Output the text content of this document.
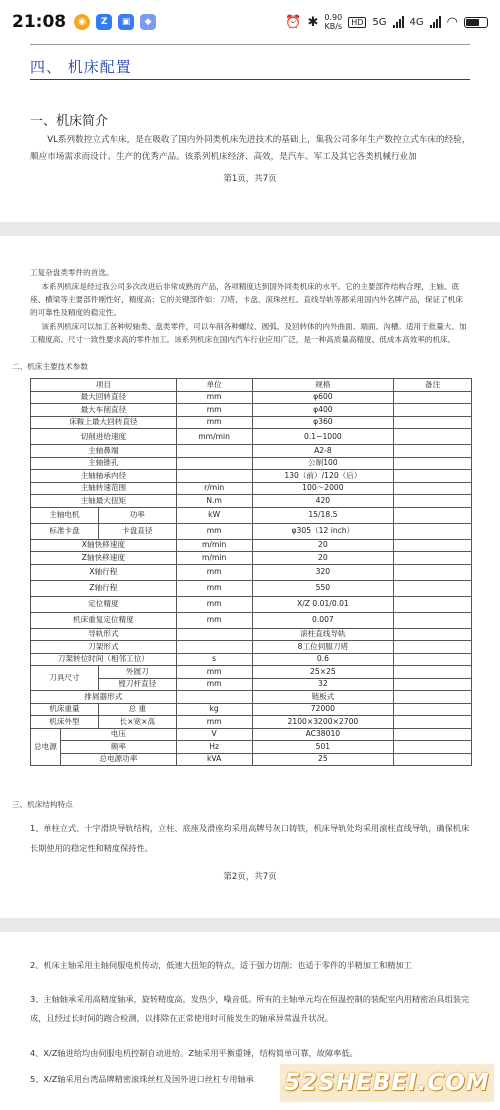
21:08	◉	Z	▣	◆	⏰ ✱ 0.90
KB/s	HD 5G 4G ◠
四、 机床配置
一、机床简介
VL系列数控立式车床，是在吸收了国内外同类机床先进技术的基础上，集我公司多年生产数控立式车床的经验，顺应市场需求而设计、生产的优秀产品。该系列机床经济、高效，是汽车、军工及其它各类机械行业加
第1页，共7页
工复杂盘类零件的首选。
本系列机床是经过我公司多次改进后非常成熟的产品，各项精度达到国外同类机床的水平。它的主要部件结构合理，主轴、底座、横梁等主要部件刚性好，精度高；它的关键部件如：刀塔、卡盘、滚珠丝杠、直线导轨等都采用国内外名牌产品，保证了机床的可靠性及精度的稳定性。
该系列机床可以加工各种短轴类、盘类零件，可以车削各种螺纹、圆弧、及回转体的内外曲面、端面、沟槽。适用于批量大、加工精度高、尺寸一致性要求高的零件加工。该系列机床在国内汽车行业应用广泛，是一种高质量高精度、低成本高效率的机床。
二、机床主要技术参数
项目			单位	规格	备注
最大回转直径			mm	φ600	
最大车削直径			mm	φ400	
床鞍上最大回转直径			mm	φ360	
切削进给速度			mm/min	0.1~1000	
主轴鼻端				A2-8	
主轴锥孔				公制100	
主轴轴承内径				130（前）/120（后）	
主轴转速范围			r/min	100～2000	
主轴最大扭矩			N.m	420	
主轴电机		功率	kW	15/18.5	
标准卡盘		卡盘直径	mm	φ305（12 inch）	
X轴快移速度			m/min	20	
Z轴快移速度			m/min	20	
X轴行程			mm	320	
Z轴行程			mm	550	
定位精度			mm	X/Z 0.01/0.01	
机床重复定位精度			mm	0.007	
导轨形式				滚柱直线导轨	
刀架形式				8工位伺服刀塔	
刀架转位时间（相邻工位）			s	0.6	
刀具尺寸		外圆刀	mm	25×25	
		镗刀杆直径	mm	32	
排屑器形式				链板式	
机床重量		总 重	kg	72000	
机床外型		长×宽×高	mm	2100×3200×2700	
总电源	电压		V	AC38010	
	频率		Hz	501	
	总电源功率		kVA	25	
三、机床结构特点
1、单柱立式、十字滑块导轨结构，立柱、底座及滑座均采用高牌号灰口铸铁，机床导轨处均采用滚柱直线导轨，确保机床长期使用的稳定性和精度保持性。
第2页，共7页
2、机床主轴采用主轴伺服电机传动，低速大扭矩的特点，适于强力切削；也适于零件的半精加工和精加工
3、主轴轴承采用高精度轴承，旋转精度高，发热少，噪音低。所有的主轴单元均在恒温控制的装配室内用精密治具组装完成，且经过长时间的跑合检测，以排除在正常使用时可能发生的轴承异常温升状况。
4、X/Z轴进给均由伺服电机控制自动进给。Z轴采用平衡重锤，结构简单可靠，故障率低。
5、X/Z轴采用台湾品牌精密滚珠丝杠及国外进口丝杠专用轴承	52SHEBEI.COM
